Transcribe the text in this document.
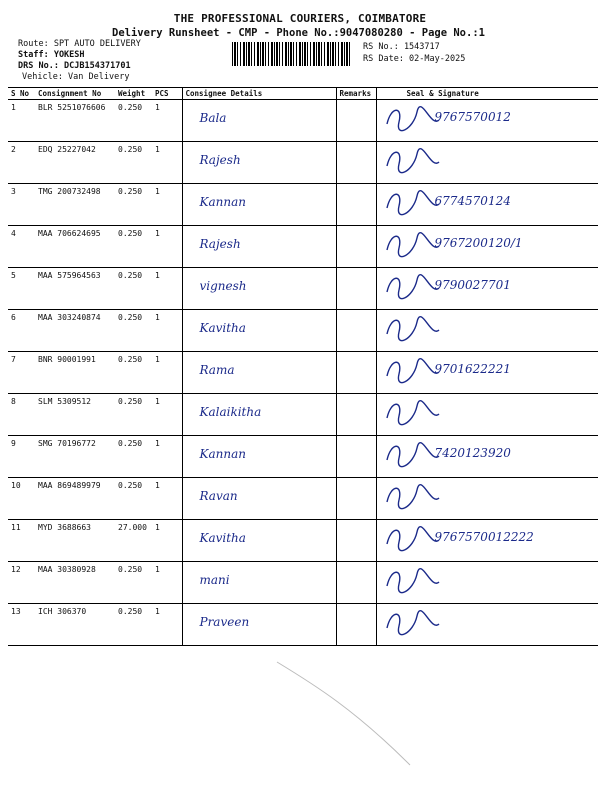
THE PROFESSIONAL COURIERS, COIMBATORE
Delivery Runsheet - CMP - Phone No.:9047080280 - Page No.:1
Route: SPT AUTO DELIVERY
Staff: YOKESH
DRS No.: DCJB154371701
Vehicle: Van Delivery
RS No.: 1543717
RS Date: 02-May-2025
S No	Consignment No	Weight	PCS	Consignee Details	Remarks	Seal & Signature
1	BLR 5251076606	0.250	1	Bala		9767570012

2	EDQ 25227042	0.250	1	Rajesh

3	TMG 200732498	0.250	1	Kannan		6774570124

4	MAA 706624695	0.250	1	Rajesh		9767200120/1

5	MAA 575964563	0.250	1	vignesh		9790027701

6	MAA 303240874	0.250	1	Kavitha

7	BNR 90001991	0.250	1	Rama		9701622221

8	SLM 5309512	0.250	1	Kalaikitha

9	SMG 70196772	0.250	1	Kannan		7420123920

10	MAA 869489979	0.250	1	Ravan

11	MYD 3688663	27.000	1	Kavitha		9767570012222

12	MAA 30380928	0.250	1	mani

13	ICH 306370	0.250	1	Praveen
